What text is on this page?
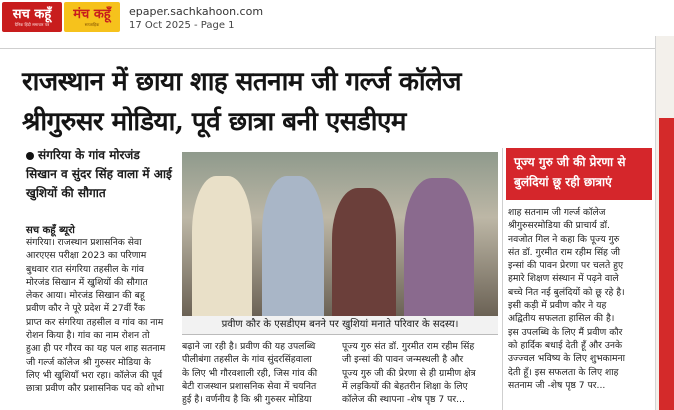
सच कहूँ
दैनिक हिंदी समाचार पत्र
मंच कहूँ
साप्ताहिक
epaper.sachkahoon.com
17 Oct 2025 - Page 1
राजस्थान में छाया शाह सतनाम जी गर्ल्ज कॉलेज
श्रीगुरुसर मोडिया, पूर्व छात्रा बनी एसडीएम
संगरिया के गांव मोरजंड सिखान व सुंदर सिंह वाला में आई खुशियों की सौगात
सच कहूँ ब्यूरो
संगरिया। राजस्थान प्रशासनिक सेवा
आरएएस परीक्षा 2023 का परिणाम
बुधवार रात संगरिया तहसील के गांव
मोरजंड सिखान में खुशियों की सौगात
लेकर आया। मोरजंड सिखान की बहू
प्रवीण कौर ने पूरे प्रदेश में 27वीं रैंक
प्राप्त कर संगरिया तहसील व गांव का नाम
रोशन किया है। गांव का नाम रोशन तो
हुआ ही पर गौरव का यह पल शाह सतनाम
जी गर्ल्ज कॉलेज श्री गुरुसर मोडिया के
लिए भी खुशियाँ भरा रहा। कॉलेज की पूर्व
छात्रा प्रवीण कौर प्रशासनिक पद को शोभा
प्रवीण कौर के एसडीएम बनने पर खुशियां मनाते परिवार के सदस्य।
बढ़ाने जा रही है। प्रवीण की यह उपलब्धि
पीलीबंगा तहसील के गांव सुंदरसिंहवाला
के लिए भी गौरवशाली रही, जिस गांव की
बेटी राजस्थान प्रशासनिक सेवा में चयनित
हुई है। वर्णनीय है कि श्री गुरुसर मोडिया
पूज्य गुरु संत डॉ. गुरमीत राम रहीम सिंह
जी इन्सां की पावन जन्मस्थली है और
पूज्य गुरु जी की प्रेरणा से ही ग्रामीण क्षेत्र
में लड़कियों की बेहतरीन शिक्षा के लिए
कॉलेज की स्थापना -शेष पृष्ठ 7 पर...
पूज्य गुरु जी की प्रेरणा से बुलंदियां छू रही छात्राएं
शाह सतनाम जी गर्ल्ज कॉलेज
श्रीगुरुसरमोडिया की प्राचार्य डॉ.
नवजोत गिल ने कहा कि पूज्य गुरु
संत डॉ. गुरमीत राम रहीम सिंह जी
इन्सां की पावन प्रेरणा पर चलते हुए
हमारे शिक्षण संस्थान में पढ़ने वाले
बच्चे नित नई बुलंदियों को छू रहे है।
इसी कड़ी में प्रवीण कौर ने यह
अद्वितीय सफलता हासिल की है।
इस उपलब्धि के लिए मैं प्रवीण कौर
को हार्दिक बधाई देती हूँ और उनके
उज्ज्वल भविष्य के लिए शुभकामना
देती हूँ। इस सफलता के लिए शाह
सतनाम जी -शेष पृष्ठ 7 पर...
